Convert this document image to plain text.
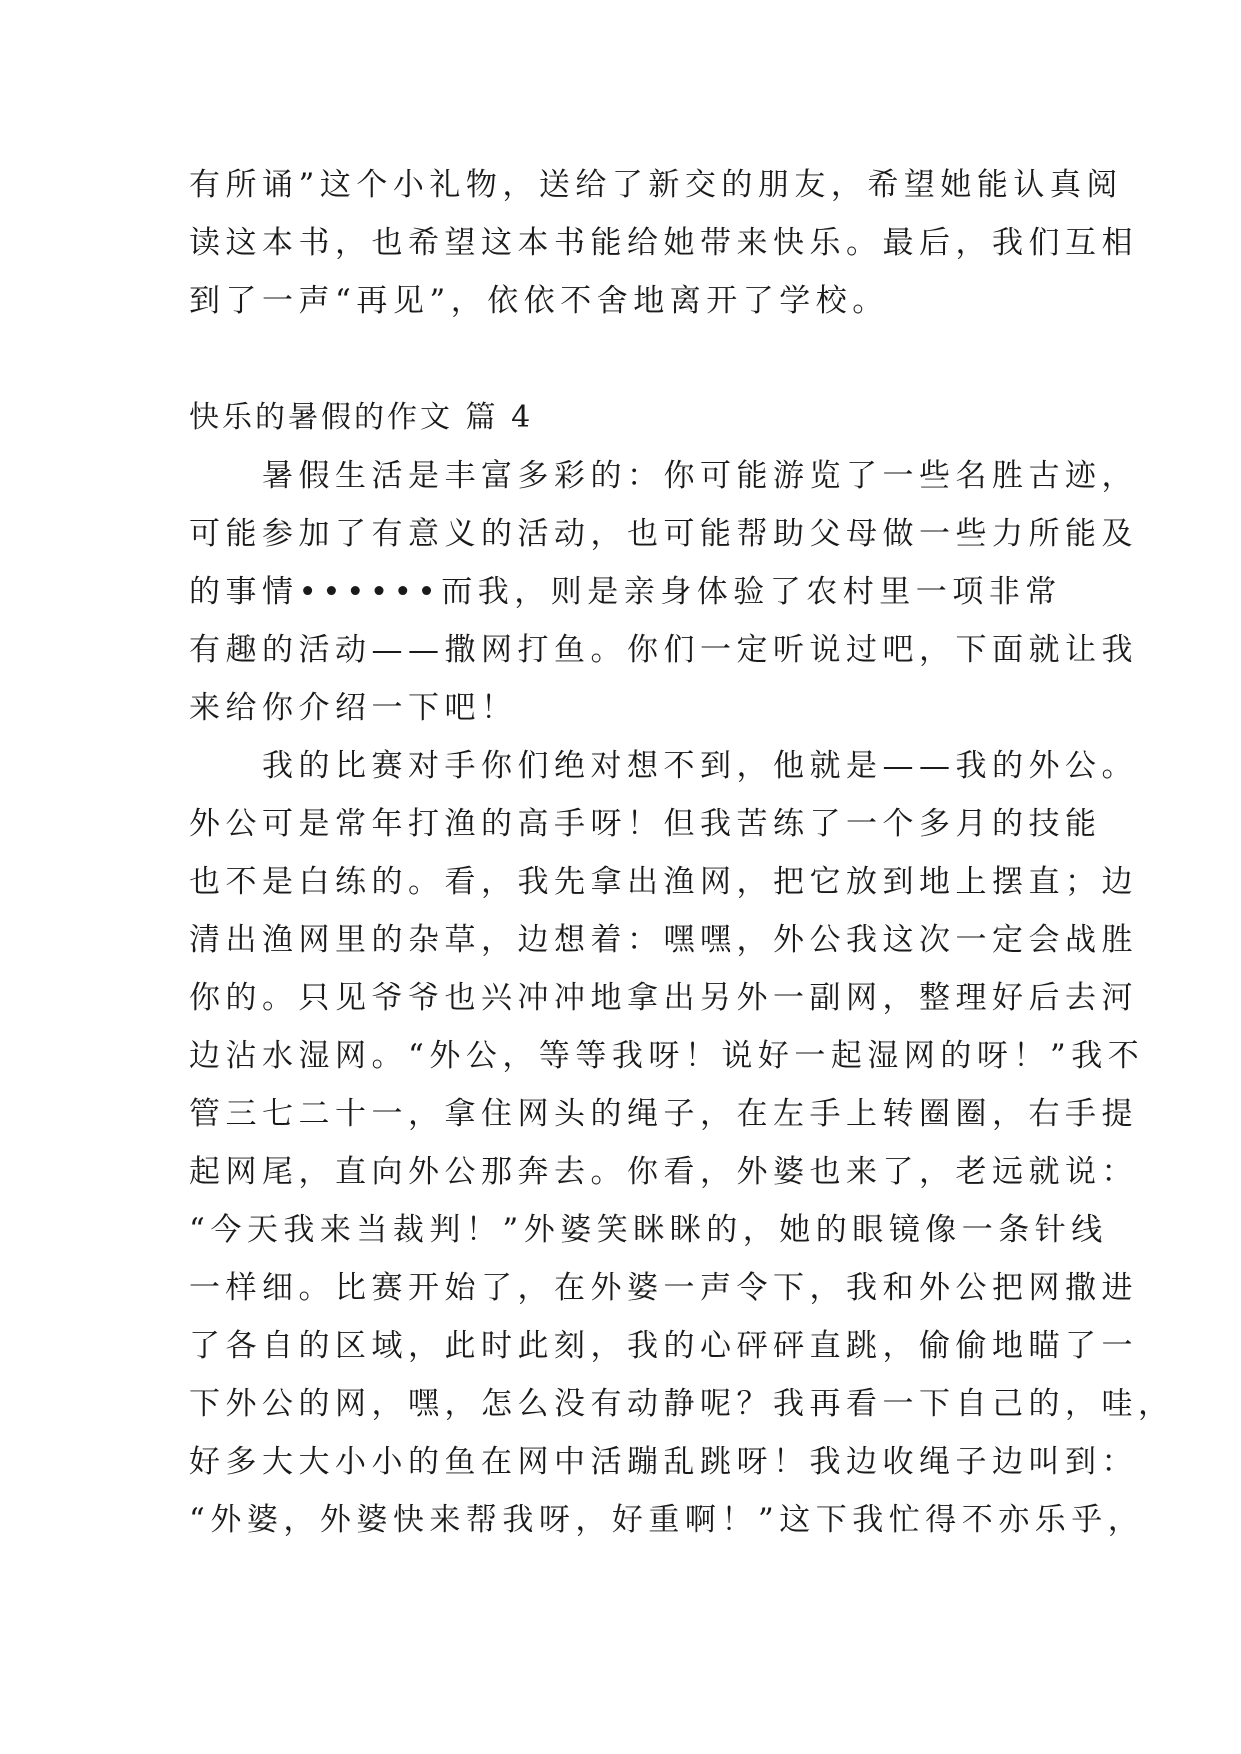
有所诵”这个小礼物，送给了新交的朋友，希望她能认真阅
读这本书，也希望这本书能给她带来快乐。最后，我们互相
到了一声“再见”，依依不舍地离开了学校。
快乐的暑假的作文 篇 4
　　暑假生活是丰富多彩的：你可能游览了一些名胜古迹，
可能参加了有意义的活动，也可能帮助父母做一些力所能及
的事情••••••而我，则是亲身体验了农村里一项非常
有趣的活动——撒网打鱼。你们一定听说过吧，下面就让我
来给你介绍一下吧！
　　我的比赛对手你们绝对想不到，他就是——我的外公。
外公可是常年打渔的高手呀！但我苦练了一个多月的技能
也不是白练的。看，我先拿出渔网，把它放到地上摆直；边
清出渔网里的杂草，边想着：嘿嘿，外公我这次一定会战胜
你的。只见爷爷也兴冲冲地拿出另外一副网，整理好后去河
边沾水湿网。“外公，等等我呀！说好一起湿网的呀！”我不
管三七二十一，拿住网头的绳子，在左手上转圈圈，右手提
起网尾，直向外公那奔去。你看，外婆也来了，老远就说：
“今天我来当裁判！”外婆笑眯眯的，她的眼镜像一条针线
一样细。比赛开始了，在外婆一声令下，我和外公把网撒进
了各自的区域，此时此刻，我的心砰砰直跳，偷偷地瞄了一
下外公的网，嘿，怎么没有动静呢？我再看一下自己的，哇，
好多大大小小的鱼在网中活蹦乱跳呀！我边收绳子边叫到：
“外婆，外婆快来帮我呀，好重啊！”这下我忙得不亦乐乎，
